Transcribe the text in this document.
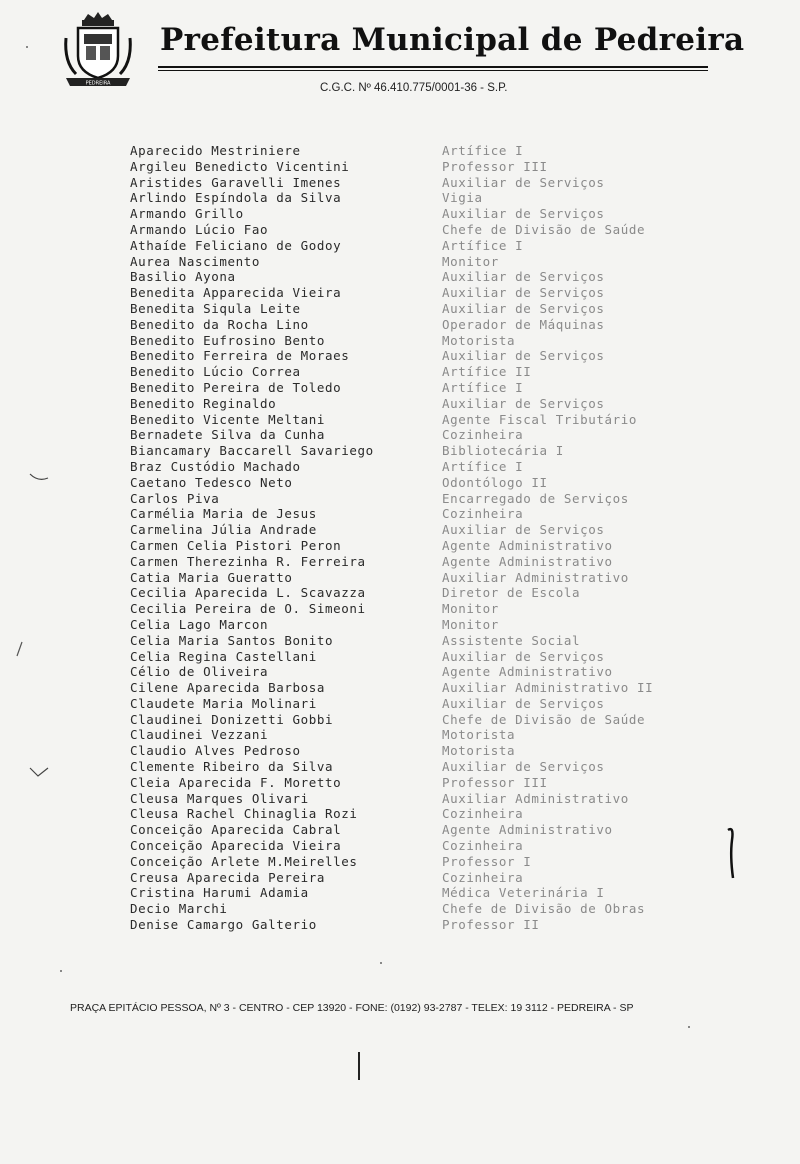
PEDREIRA
Prefeitura Municipal de Pedreira
C.G.C. Nº 46.410.775/0001-36 - S.P.
Aparecido Mestriniere	Artífice I
Argileu Benedicto Vicentini	Professor III
Aristides Garavelli Imenes	Auxiliar de Serviços
Arlindo Espíndola da Silva	Vigia
Armando Grillo	Auxiliar de Serviços
Armando Lúcio Fao	Chefe de Divisão de Saúde
Athaíde Feliciano de Godoy	Artífice I
Aurea Nascimento	Monitor
Basilio Ayona	Auxiliar de Serviços
Benedita Apparecida Vieira	Auxiliar de Serviços
Benedita Siqula Leite	Auxiliar de Serviços
Benedito da Rocha Lino	Operador de Máquinas
Benedito Eufrosino Bento	Motorista
Benedito Ferreira de Moraes	Auxiliar de Serviços
Benedito Lúcio Correa	Artífice II
Benedito Pereira de Toledo	Artífice I
Benedito Reginaldo	Auxiliar de Serviços
Benedito Vicente Meltani	Agente Fiscal Tributário
Bernadete Silva da Cunha	Cozinheira
Biancamary Baccarell Savariego	Bibliotecária I
Braz Custódio Machado	Artífice I
Caetano Tedesco Neto	Odontólogo II
Carlos Piva	Encarregado de Serviços
Carmélia Maria de Jesus	Cozinheira
Carmelina Júlia Andrade	Auxiliar de Serviços
Carmen Celia Pistori Peron	Agente Administrativo
Carmen Therezinha R. Ferreira	Agente Administrativo
Catia Maria Gueratto	Auxiliar Administrativo
Cecilia Aparecida L. Scavazza	Diretor de Escola
Cecilia Pereira de O. Simeoni	Monitor
Celia Lago Marcon	Monitor
Celia Maria Santos Bonito	Assistente Social
Celia Regina Castellani	Auxiliar de Serviços
Célio de Oliveira	Agente Administrativo
Cilene Aparecida Barbosa	Auxiliar Administrativo II
Claudete Maria Molinari	Auxiliar de Serviços
Claudinei Donizetti Gobbi	Chefe de Divisão de Saúde
Claudinei Vezzani	Motorista
Claudio Alves Pedroso	Motorista
Clemente Ribeiro da Silva	Auxiliar de Serviços
Cleia Aparecida F. Moretto	Professor III
Cleusa Marques Olivari	Auxiliar Administrativo
Cleusa Rachel Chinaglia Rozi	Cozinheira
Conceição Aparecida Cabral	Agente Administrativo
Conceição Aparecida Vieira	Cozinheira
Conceição Arlete M.Meirelles	Professor I
Creusa Aparecida Pereira	Cozinheira
Cristina Harumi Adamia	Médica Veterinária I
Decio Marchi	Chefe de Divisão de Obras
Denise Camargo Galterio	Professor II
PRAÇA EPITÁCIO PESSOA, Nº 3 - CENTRO - CEP 13920 - FONE: (0192) 93-2787 - TELEX: 19 3112 - PEDREIRA - SP
